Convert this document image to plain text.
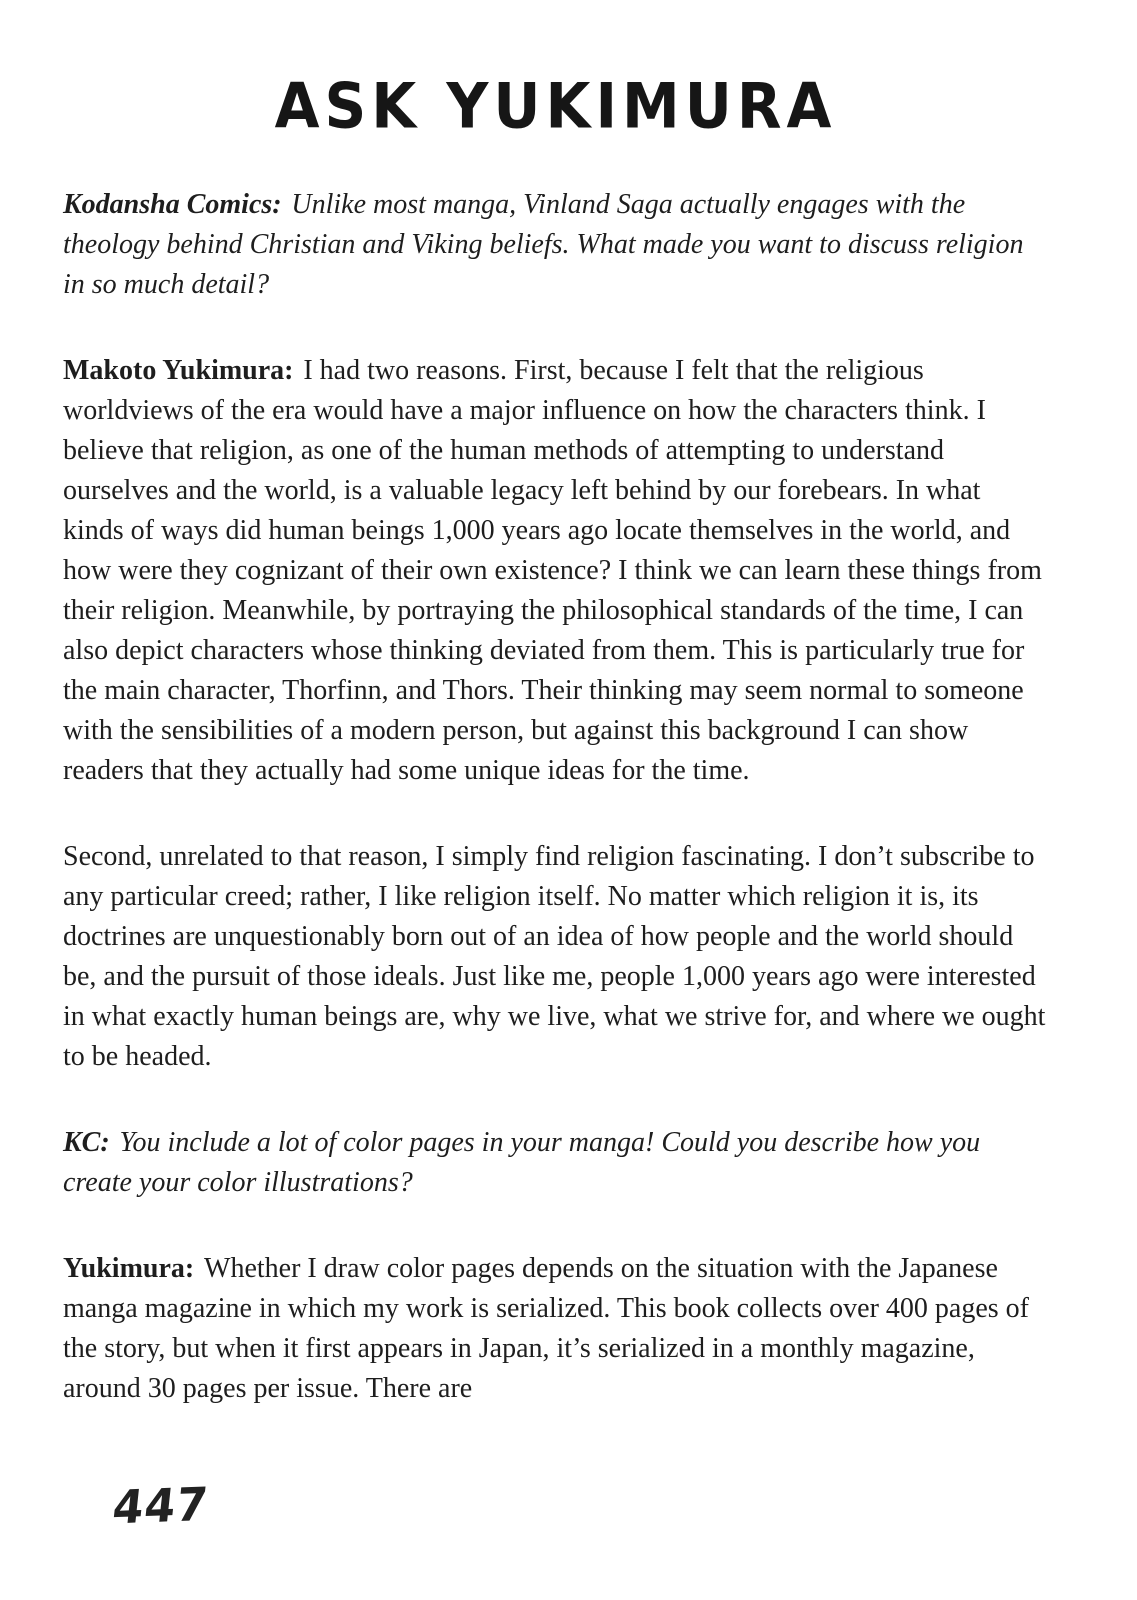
ASK YUKIMURA

Kodansha Comics: Unlike most manga, Vinland Saga actually engages with the theology behind Christian and Viking beliefs. What made you want to discuss religion in so much detail?

Makoto Yukimura: I had two reasons. First, because I felt that the religious worldviews of the era would have a major influence on how the characters think. I believe that religion, as one of the human methods of attempting to understand ourselves and the world, is a valuable legacy left behind by our forebears. In what kinds of ways did human beings 1,000 years ago locate themselves in the world, and how were they cognizant of their own existence? I think we can learn these things from their religion. Meanwhile, by portraying the philosophical standards of the time, I can also depict characters whose thinking deviated from them. This is particularly true for the main character, Thorfinn, and Thors. Their thinking may seem normal to someone with the sensibilities of a modern person, but against this background I can show readers that they actually had some unique ideas for the time.

Second, unrelated to that reason, I simply find religion fascinating. I don’t subscribe to any particular creed; rather, I like religion itself. No matter which religion it is, its doctrines are unquestionably born out of an idea of how people and the world should be, and the pursuit of those ideals. Just like me, people 1,000 years ago were interested in what exactly human beings are, why we live, what we strive for, and where we ought to be headed.

KC: You include a lot of color pages in your manga! Could you describe how you create your color illustrations?

Yukimura: Whether I draw color pages depends on the situation with the Japanese manga magazine in which my work is serialized. This book collects over 400 pages of the story, but when it first appears in Japan, it’s serialized in a monthly magazine, around 30 pages per issue. There are

447
